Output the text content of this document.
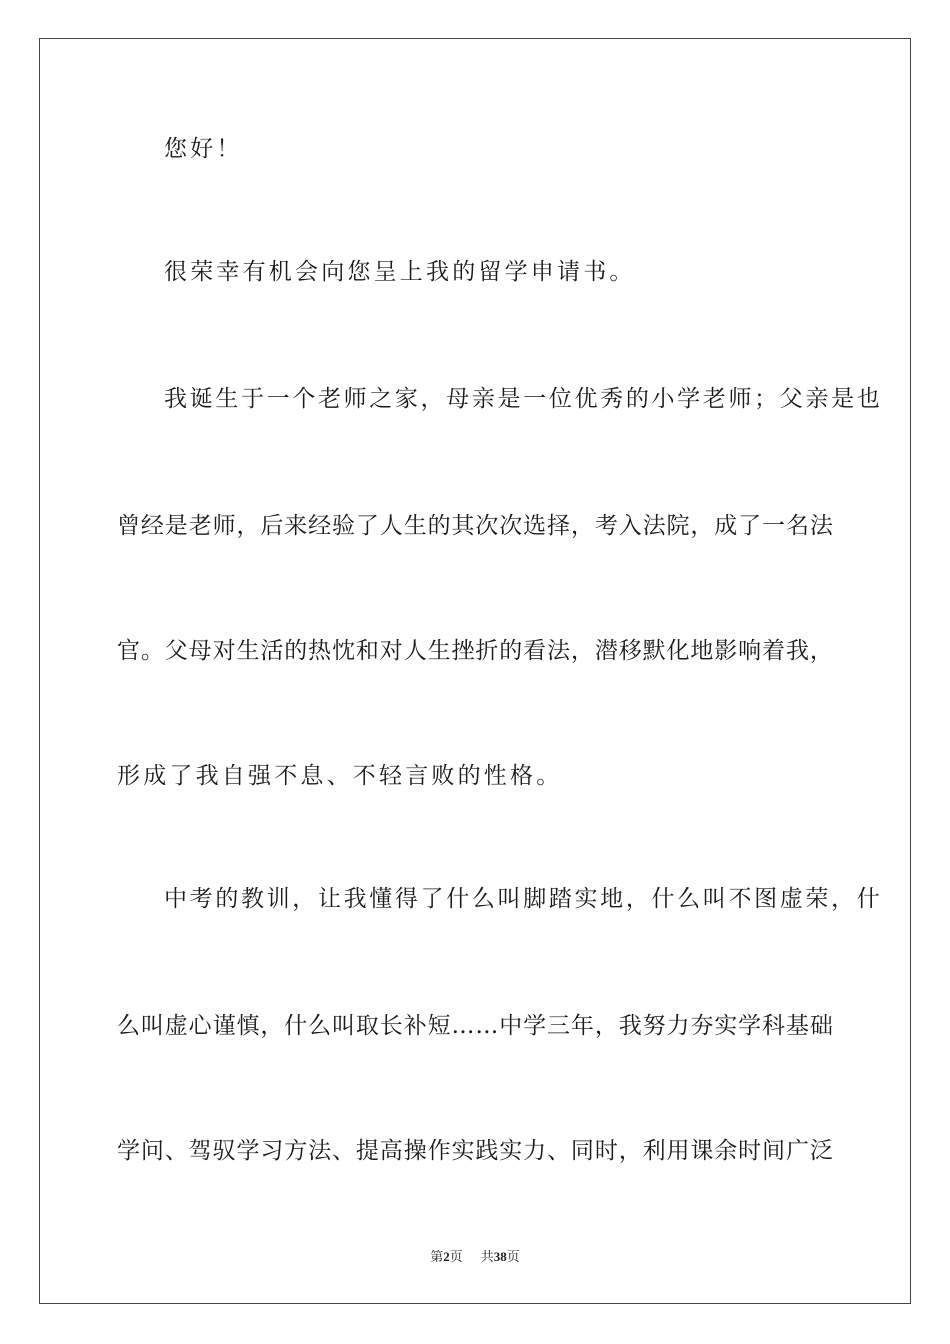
您好！
很荣幸有机会向您呈上我的留学申请书。
我 诞 生 于 一 个 老 师 之 家 ， 母 亲 是 一 位 优 秀 的 小 学 老 师 ； 父 亲 是 也
曾 经 是 老 师 ， 后 来 经 验 了 人 生 的 其 次 次 选 择 ， 考 入 法 院 ， 成 了 一 名 法
官 。 父 母 对 生 活 的 热 忱 和 对 人 生 挫 折 的 看 法 ， 潜 移 默 化 地 影 响 着 我 ，
形成了我自强不息、不轻言败的性格。
中 考 的 教 训 ， 让 我 懂 得 了 什 么 叫 脚 踏 实 地 ， 什 么 叫 不 图 虚 荣 ， 什
么 叫 虚 心 谨 慎 ， 什 么 叫 取 长 补 短 … … 中 学 三 年 ， 我 努 力 夯 实 学 科 基 础
学 问 、 驾 驭 学 习 方 法 、 提 高 操 作 实 践 实 力 、 同 时 ， 利 用 课 余 时 间 广 泛
第2页 共38页
